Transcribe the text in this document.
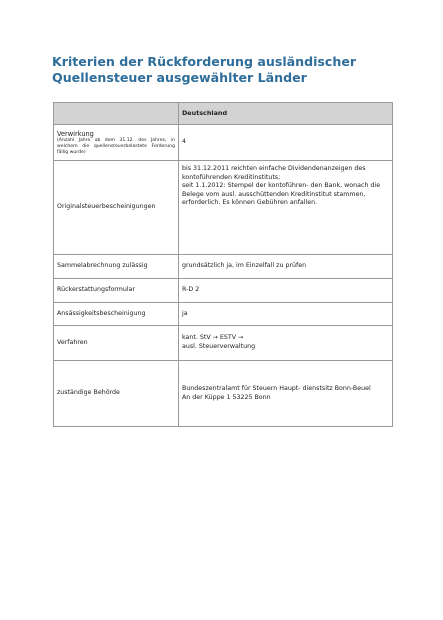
Kriterien der Rückforderung ausländischer
Quellensteuer ausgewählter Länder
	Deutschland

Verwirkung
(Anzahl Jahre ab dem 31.12. des Jahres, in welchem die quellensteuerbelastete Forderung fällig wurde)	4
Originalsteuerbescheinigungen	bis 31.12.2011 reichten einfache Dividendenanzeigen des kontoführenden Kreditinstituts;
seit 1.1.2012: Stempel der kontoführen- den Bank, wonach die Belege vom ausl. ausschüttenden Kreditinstitut stammen, erforderlich. Es können Gebühren anfallen.

Sammelabrechnung zulässig	grundsätzlich ja, im Einzelfall zu prüfen
Rückerstattungsformular	R-D 2
Ansässigkeitsbescheinigung	ja
Verfahren	kant. StV → ESTV →
ausl. Steuerverwaltung

zuständige Behörde	Bundeszentralamt für Steuern Haupt- dienstsitz Bonn-Beuel
An der Küppe 1 53225 Bonn
